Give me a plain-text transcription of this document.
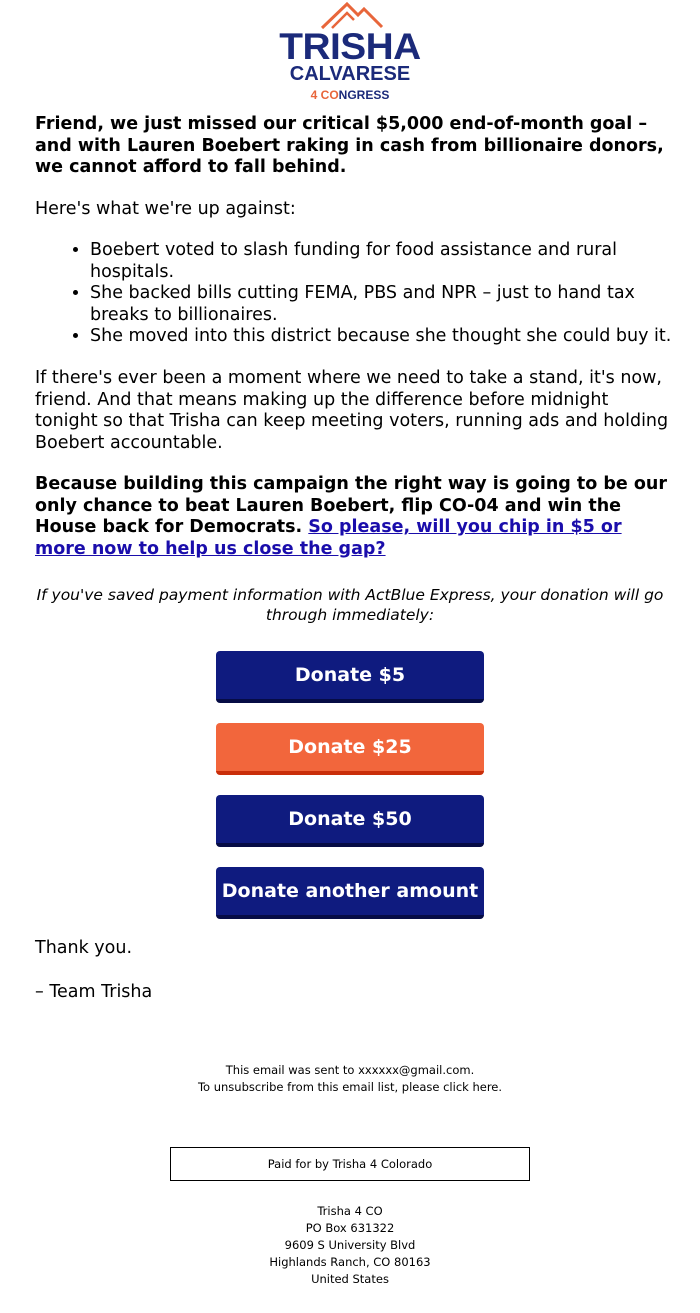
TRISHA
CALVARESE
4 CONGRESS
Friend, we just missed our critical $5,000 end-of-month goal – and with Lauren Boebert raking in cash from billionaire donors, we cannot afford to fall behind.
Here's what we're up against:
• Boebert voted to slash funding for food assistance and rural hospitals.
• She backed bills cutting FEMA, PBS and NPR – just to hand tax breaks to billionaires.
• She moved into this district because she thought she could buy it.
If there's ever been a moment where we need to take a stand, it's now, friend. And that means making up the difference before midnight tonight so that Trisha can keep meeting voters, running ads and holding Boebert accountable.
Because building this campaign the right way is going to be our only chance to beat Lauren Boebert, flip CO-04 and win the House back for Democrats. So please, will you chip in $5 or more now to help us close the gap?
If you've saved payment information with ActBlue Express, your donation will go through immediately:
Donate $5
Donate $25
Donate $50
Donate another amount
Thank you.
– Team Trisha
This email was sent to xxxxxx@gmail.com.
To unsubscribe from this email list, please click here.
Paid for by Trisha 4 Colorado
Trisha 4 CO
PO Box 631322
9609 S University Blvd
Highlands Ranch, CO 80163
United States
